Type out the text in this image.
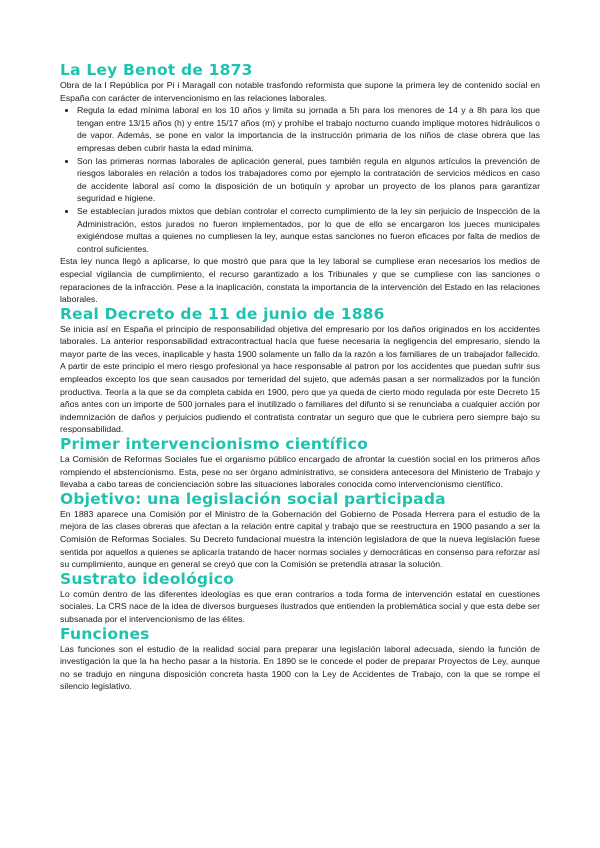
La Ley Benot de 1873

Obra de la I República por Pi i Maragall con notable trasfondo reformista que supone la primera ley de contenido social en España con carácter de intervencionismo en las relaciones laborales.

• Regula la edad mínima laboral en los 10 años y limita su jornada a 5h para los menores de 14 y a 8h para los que tengan entre 13/15 años (h) y entre 15/17 años (m) y prohíbe el trabajo nocturno cuando implique motores hidráulicos o de vapor. Además, se pone en valor la importancia de la instrucción primaria de los niños de clase obrera que las empresas deben cubrir hasta la edad mínima.
• Son las primeras normas laborales de aplicación general, pues también regula en algunos artículos la prevención de riesgos laborales en relación a todos los trabajadores como por ejemplo la contratación de servicios médicos en caso de accidente laboral así como la disposición de un botiquín y aprobar un proyecto de los planos para garantizar seguridad e higiene.
• Se establecían jurados mixtos que debían controlar el correcto cumplimiento de la ley sin perjuicio de Inspección de la Administración, estos jurados no fueron implementados, por lo que de ello se encargaron los jueces municipales exigiéndose multas a quienes no cumpliesen la ley, aunque estas sanciones no fueron eficaces por falta de medios de control suficientes.

Esta ley nunca llegó a aplicarse, lo que mostró que para que la ley laboral se cumpliese eran necesarios los medios de especial vigilancia de cumplimiento, el recurso garantizado a los Tribunales y que se cumpliese con las sanciones o reparaciones de la infracción. Pese a la inaplicación, constata la importancia de la intervención del Estado en las relaciones laborales.

Real Decreto de 11 de junio de 1886

Se inicia así en España el principio de responsabilidad objetiva del empresario por los daños originados en los accidentes laborales. La anterior responsabilidad extracontractual hacía que fuese necesaria la negligencia del empresario, siendo la mayor parte de las veces, inaplicable y hasta 1900 solamente un fallo da la razón a los familiares de un trabajador fallecido. A partir de este principio el mero riesgo profesional ya hace responsable al patron por los accidentes que puedan sufrir sus empleados excepto los que sean causados por temeridad del sujeto, que además pasan a ser normalizados por la función productiva. Teoría a la que se da completa cabida en 1900, pero que ya queda de cierto modo regulada por este Decreto 15 años antes con un importe de 500 jornales para el inutilizado o familiares del difunto si se renunciaba a cualquier acción por indemnización de daños y perjuicios pudiendo el contratista contratar un seguro que que le cubriera pero siempre bajo su responsabilidad.

Primer intervencionismo científico

La Comisión de Reformas Sociales fue el organismo público encargado de afrontar la cuestión social en los primeros años rompiendo el abstencionismo. Esta, pese no ser órgano administrativo, se considera antecesora del Ministerio de Trabajo y llevaba a cabo tareas de concienciación sobre las situaciones laborales conocida como intervencionismo científico.

Objetivo: una legislación social participada

En 1883 aparece una Comisión por el Ministro de la Gobernación del Gobierno de Posada Herrera para el estudio de la mejora de las clases obreras que afectan a la relación entre capital y trabajo que se reestructura en 1900 pasando a ser la Comisión de Reformas Sociales. Su Decreto fundacional muestra la intención legisladora de que la nueva legislación fuese sentida por aquellos a quienes se aplicaría tratando de hacer normas sociales y democráticas en consenso para reforzar así su cumplimiento, aunque en general se creyó que con la Comisión se pretendía atrasar la solución.

Sustrato ideológico

Lo común dentro de las diferentes ideologías es que eran contrarios a toda forma de intervención estatal en cuestiones sociales. La CRS nace de la idea de diversos burgueses ilustrados que entienden la problemática social y que esta debe ser subsanada por el intervencionismo de las élites.

Funciones

Las funciones son el estudio de la realidad social para preparar una legislación laboral adecuada, siendo la función de investigación la que la ha hecho pasar a la historia. En 1890 se le concede el poder de preparar Proyectos de Ley, aunque no se tradujo en ninguna disposición concreta hasta 1900 con la Ley de Accidentes de Trabajo, con la que se rompe el silencio legislativo.
